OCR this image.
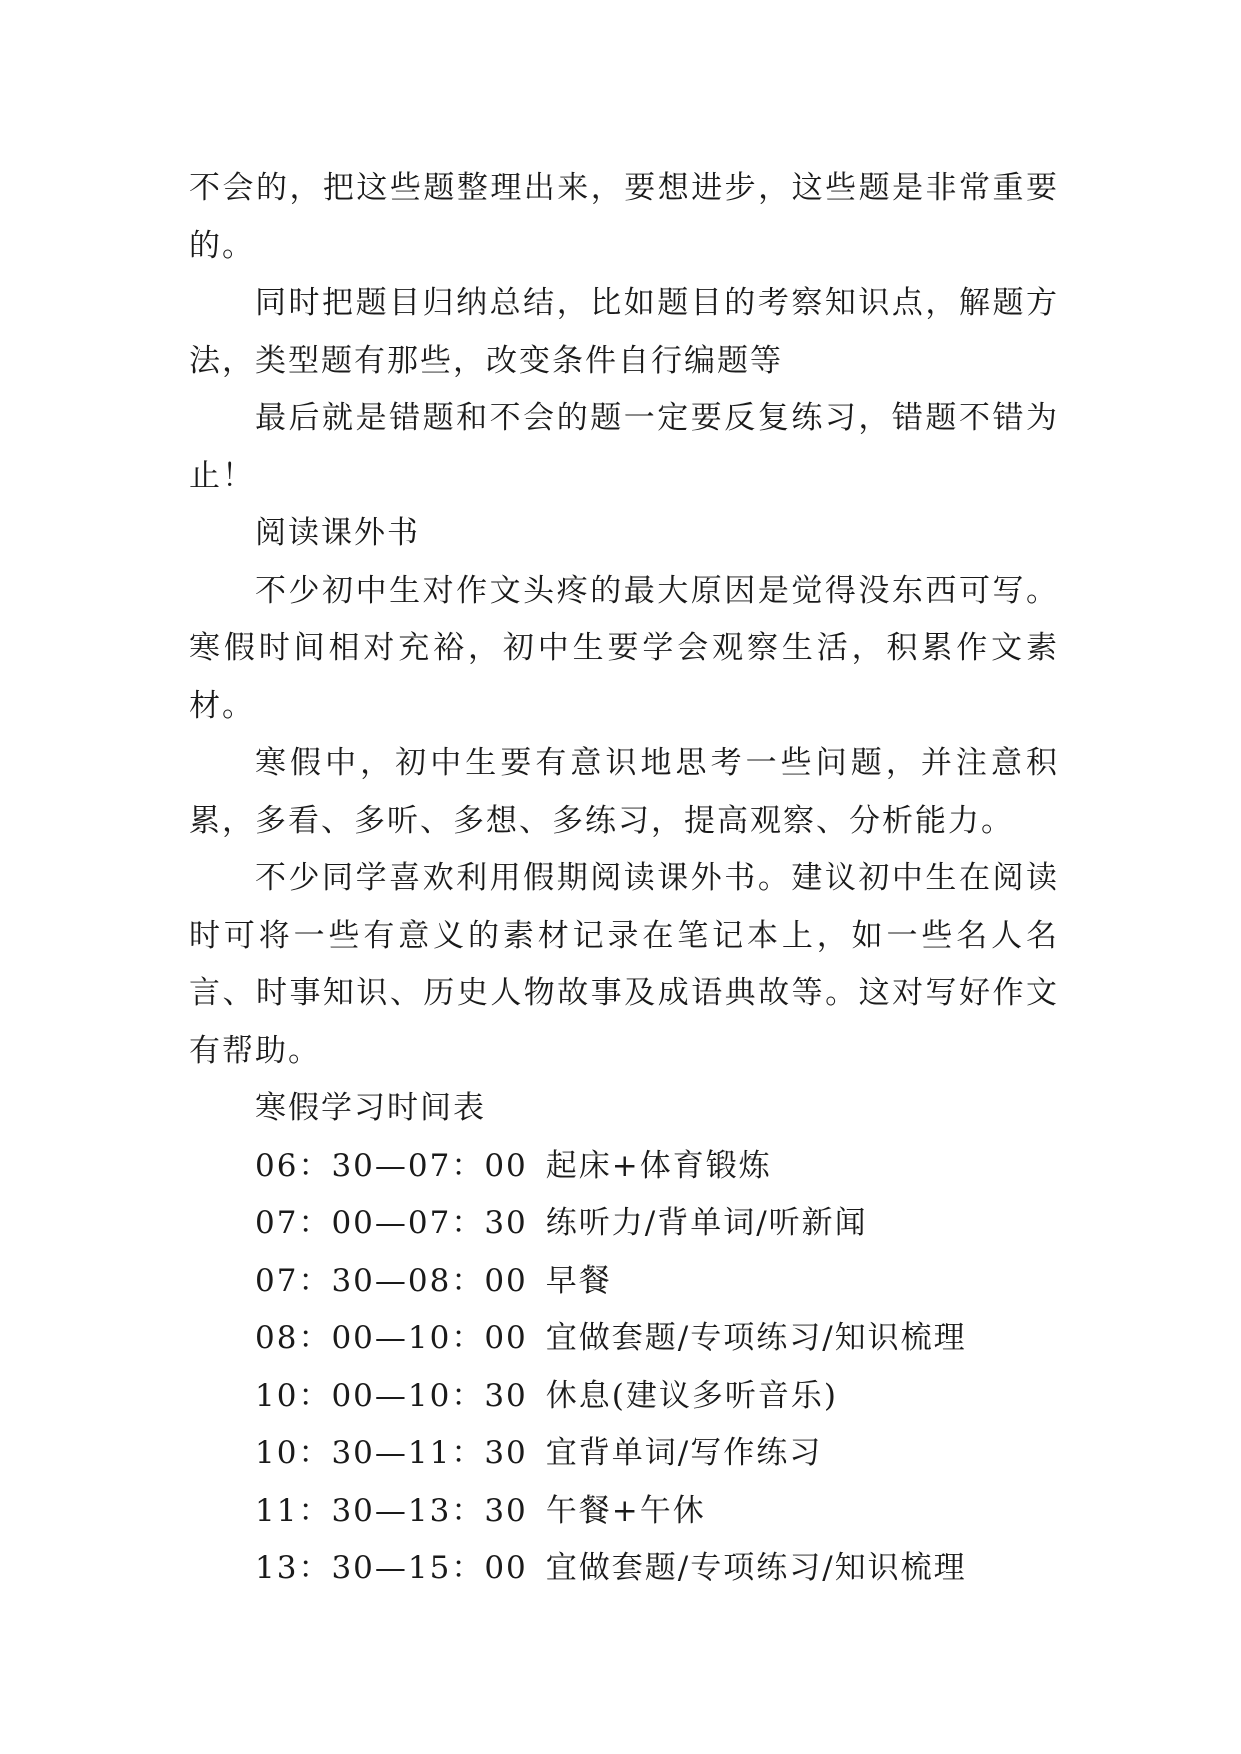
不会的，把这些题整理出来，要想进步，这些题是非常重要的。

同时把题目归纳总结，比如题目的考察知识点，解题方法，类型题有那些，改变条件自行编题等

最后就是错题和不会的题一定要反复练习，错题不错为止！

阅读课外书

不少初中生对作文头疼的最大原因是觉得没东西可写。寒假时间相对充裕，初中生要学会观察生活，积累作文素材。

寒假中，初中生要有意识地思考一些问题，并注意积累，多看、多听、多想、多练习，提高观察、分析能力。

不少同学喜欢利用假期阅读课外书。建议初中生在阅读时可将一些有意义的素材记录在笔记本上，如一些名人名言、时事知识、历史人物故事及成语典故等。这对写好作文有帮助。

寒假学习时间表

06：30—07：00 起床+体育锻炼
07：00—07：30 练听力/背单词/听新闻
07：30—08：00 早餐
08：00—10：00 宜做套题/专项练习/知识梳理
10：00—10：30 休息(建议多听音乐)
10：30—11：30 宜背单词/写作练习
11：30—13：30 午餐+午休
13：30—15：00 宜做套题/专项练习/知识梳理
